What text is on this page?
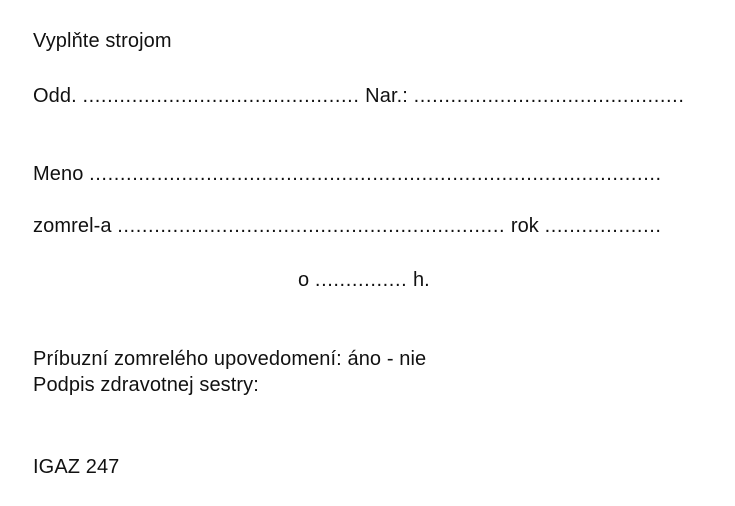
Vyplňte strojom
Odd. ............................................. Nar.: ............................................
Meno .............................................................................................
zomrel-a ............................................................... rok ...................
o ............... h.
Príbuzní zomrelého upovedomení: áno - nie
Podpis zdravotnej sestry:
IGAZ 247
